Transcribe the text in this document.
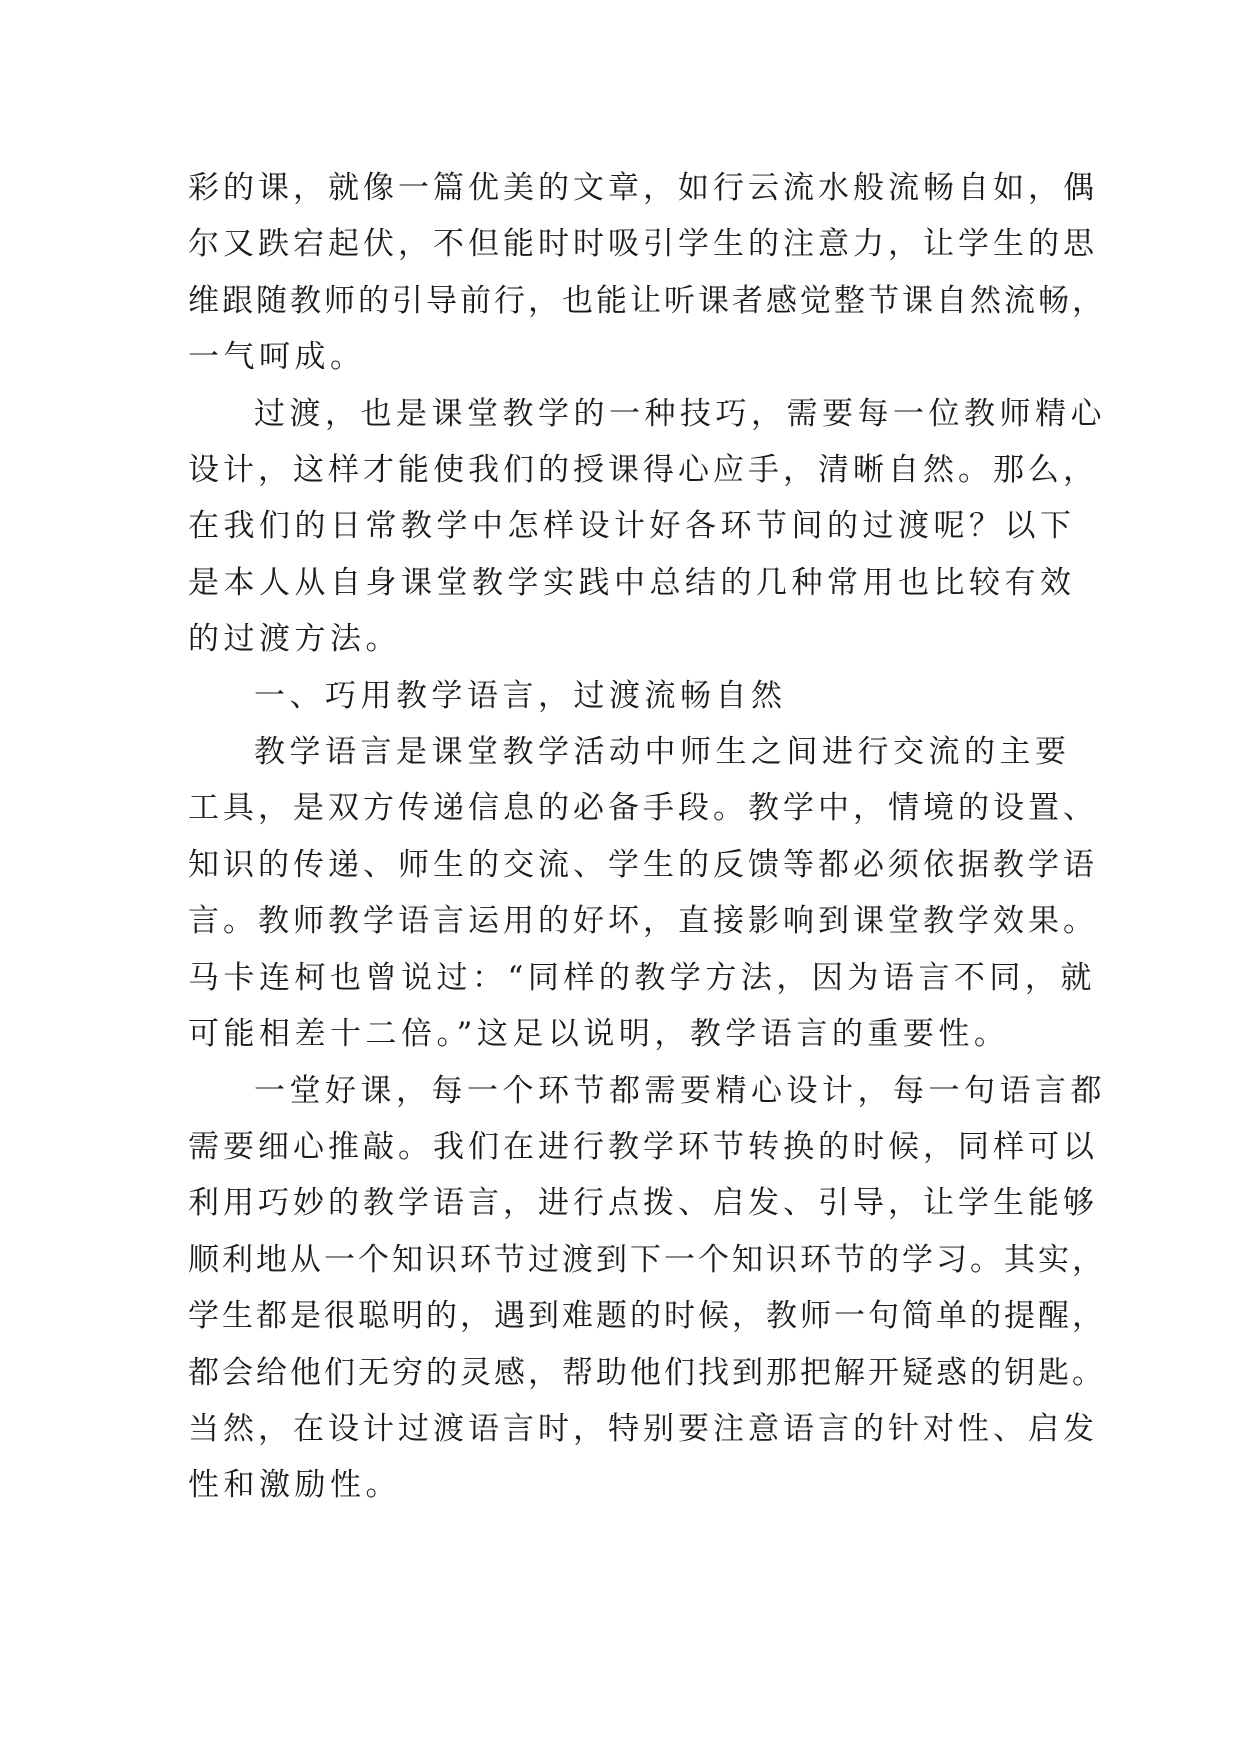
彩的课，就像一篇优美的文章，如行云流水般流畅自如，偶
尔又跌宕起伏，不但能时时吸引学生的注意力，让学生的思
维跟随教师的引导前行，也能让听课者感觉整节课自然流畅，
一气呵成。
过渡，也是课堂教学的一种技巧，需要每一位教师精心
设计，这样才能使我们的授课得心应手，清晰自然。那么，
在我们的日常教学中怎样设计好各环节间的过渡呢？以下
是本人从自身课堂教学实践中总结的几种常用也比较有效
的过渡方法。
一、巧用教学语言，过渡流畅自然
教学语言是课堂教学活动中师生之间进行交流的主要
工具，是双方传递信息的必备手段。教学中，情境的设置、
知识的传递、师生的交流、学生的反馈等都必须依据教学语
言。教师教学语言运用的好坏，直接影响到课堂教学效果。
马卡连柯也曾说过：“同样的教学方法，因为语言不同，就
可能相差十二倍。”这足以说明，教学语言的重要性。
一堂好课，每一个环节都需要精心设计，每一句语言都
需要细心推敲。我们在进行教学环节转换的时候，同样可以
利用巧妙的教学语言，进行点拨、启发、引导，让学生能够
顺利地从一个知识环节过渡到下一个知识环节的学习。其实，
学生都是很聪明的，遇到难题的时候，教师一句简单的提醒，
都会给他们无穷的灵感，帮助他们找到那把解开疑惑的钥匙。
当然，在设计过渡语言时，特别要注意语言的针对性、启发
性和激励性。
